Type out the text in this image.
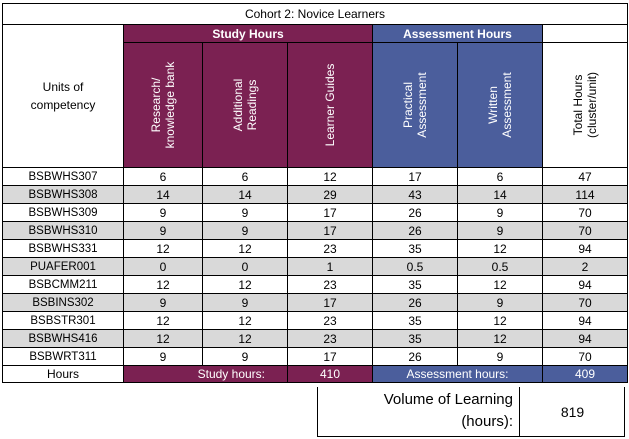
Cohort 2: Novice Learners						

Units of
competency	Study Hours			Assessment Hours		

	Research/ knowledge bank	Additional Readings	Learner Guides	Practical Assessment	Written Assessment	Total Hours (cluster/unit)

BSBWHS307	6	6	12	17	6	47
BSBWHS308	14	14	29	43	14	114
BSBWHS309	9	9	17	26	9	70
BSBWHS310	9	9	17	26	9	70
BSBWHS331	12	12	23	35	12	94
PUAFER001	0	0	1	0.5	0.5	2
BSBCMM211	12	12	23	35	12	94
BSBINS302	9	9	17	26	9	70
BSBSTR301	12	12	23	35	12	94
BSBWHS416	12	12	23	35	12	94
BSBWRT311	9	9	17	26	9	70
Hours	Study hours:		410	Assessment hours:		409
Volume of Learning
(hours):
819
